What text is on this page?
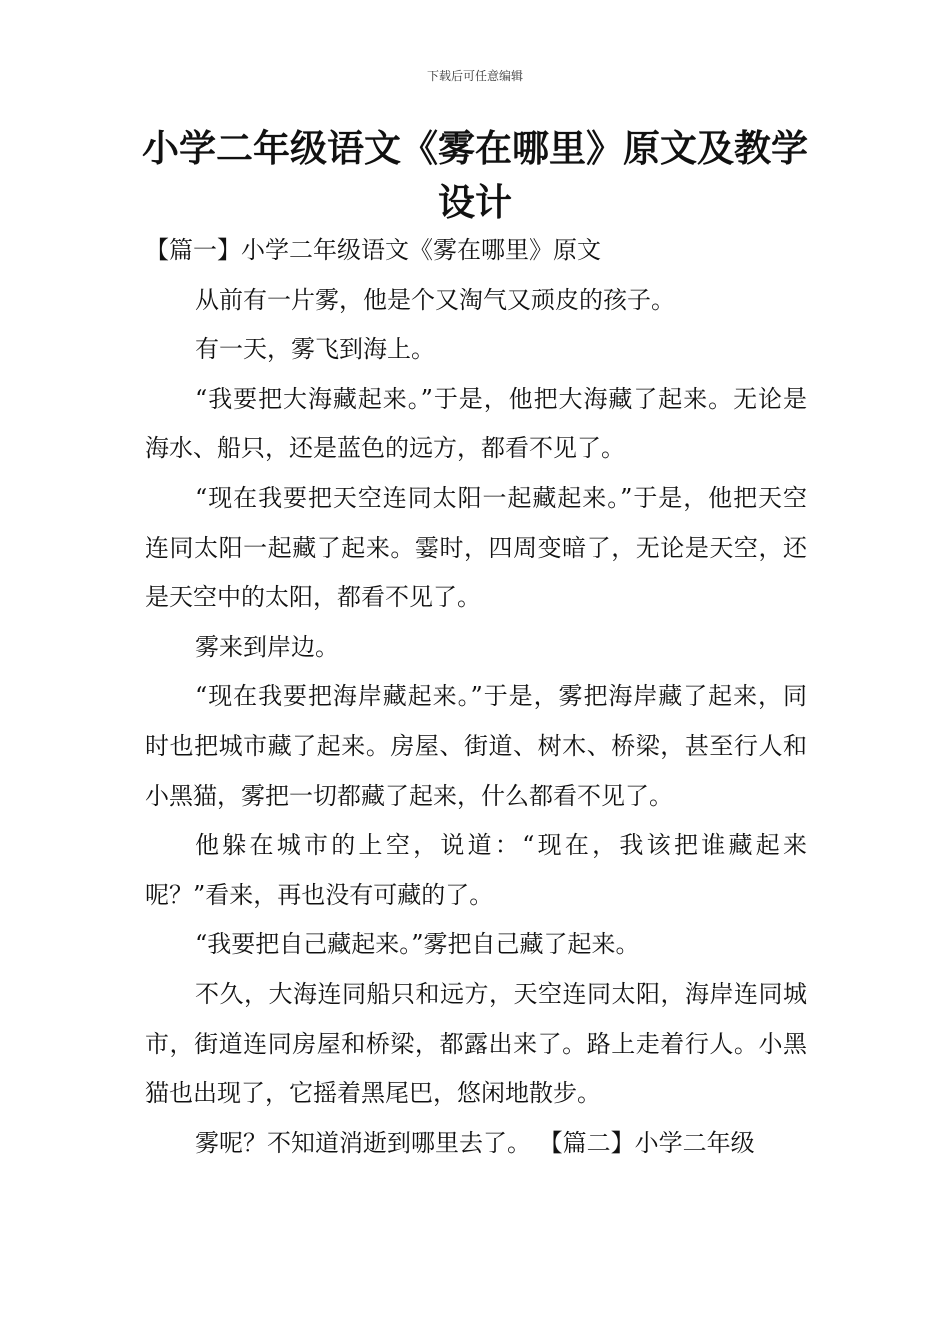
下载后可任意编辑
小学二年级语文《雾在哪里》原文及教学设计

【篇一】小学二年级语文《雾在哪里》原文

从前有一片雾，他是个又淘气又顽皮的孩子。

有一天，雾飞到海上。

“我要把大海藏起来。”于是，他把大海藏了起来。无论是海水、船只，还是蓝色的远方，都看不见了。

“现在我要把天空连同太阳一起藏起来。”于是，他把天空连同太阳一起藏了起来。霎时，四周变暗了，无论是天空，还是天空中的太阳，都看不见了。

雾来到岸边。

“现在我要把海岸藏起来。”于是，雾把海岸藏了起来，同时也把城市藏了起来。房屋、街道、树木、桥梁，甚至行人和小黑猫，雾把一切都藏了起来，什么都看不见了。

他躲在城市的上空，说道：“现在，我该把谁藏起来呢？”看来，再也没有可藏的了。

“我要把自己藏起来。”雾把自己藏了起来。

不久，大海连同船只和远方，天空连同太阳，海岸连同城市，街道连同房屋和桥梁，都露出来了。路上走着行人。小黑猫也出现了，它摇着黑尾巴，悠闲地散步。

雾呢？不知道消逝到哪里去了。 【篇二】小学二年级
